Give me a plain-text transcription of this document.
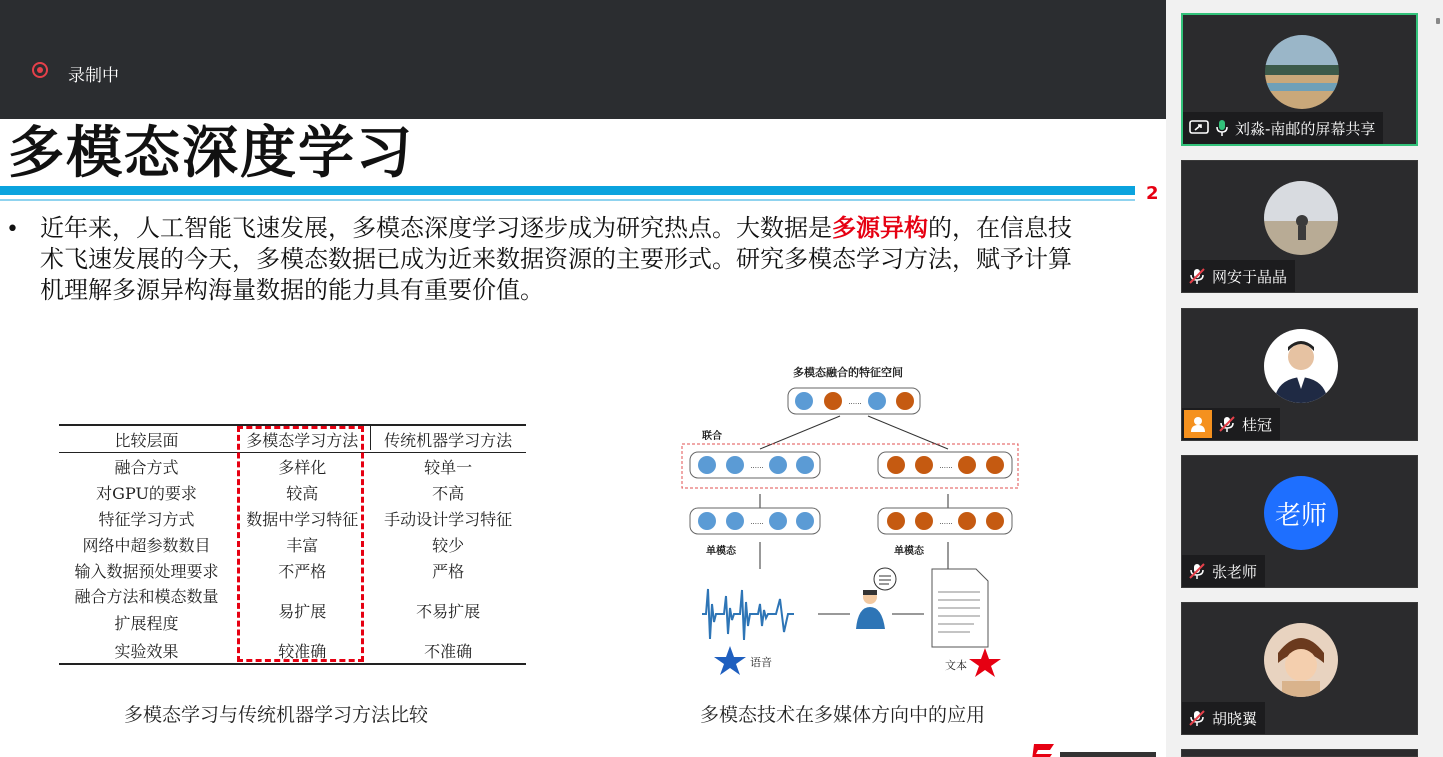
录制中
多模态深度学习
2
• 近年来，人工智能飞速发展，多模态深度学习逐步成为研究热点。大数据是多源异构的，在信息技术飞速发展的今天，多模态数据已成为近来数据资源的主要形式。研究多模态学习方法，赋予计算机理解多源异构海量数据的能力具有重要价值。
比较层面	多模态学习方法	传统机器学习方法
融合方式	多样化	较单一
对GPU的要求	较高	不高
特征学习方式	数据中学习特征	手动设计学习特征
网络中超参数数目	丰富	较少
输入数据预处理要求	不严格	严格
融合方法和模态数量
扩展程度	易扩展	不易扩展
实验效果	较准确	不准确
多模态学习与传统机器学习方法比较	多模态技术在多媒体方向中的应用
多模态融合的特征空间
......
联合
......	......
......	......
单模态	单模态
语音	文本
刘淼-南邮的屏幕共享
网安于晶晶
桂冠
老师
张老师
胡晓翼
